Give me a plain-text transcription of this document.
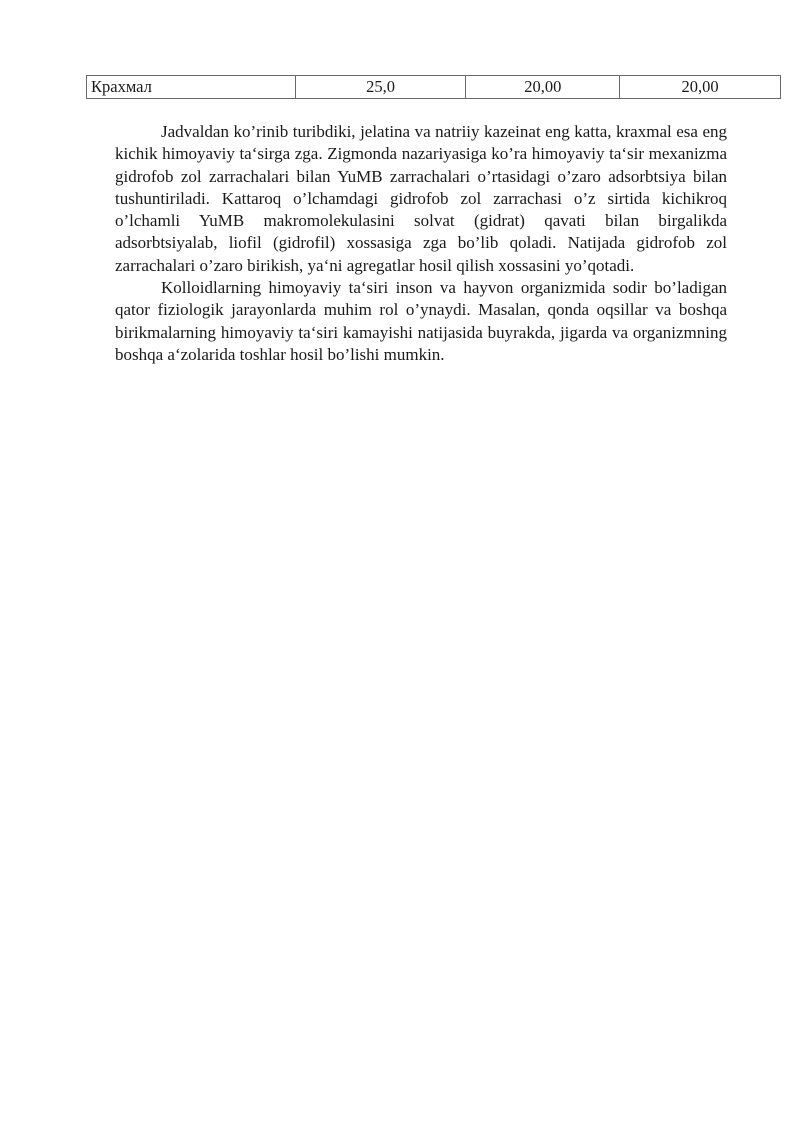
Крахмал	25,0	20,00	20,00

Jadvaldan ko’rinib turibdiki, jelatina va natriiy kazeinat eng katta, kraxmal esa eng kichik himoyaviy ta‘sirga zga. Zigmonda nazariyasiga ko’ra himoyaviy ta‘sir mexanizma gidrofob zol zarrachalari bilan YuMB zarrachalari o’rtasidagi o’zaro adsorbtsiya bilan tushuntiriladi. Kattaroq o’lchamdagi gidrofob zol zarrachasi o’z sirtida kichikroq o’lchamli YuMB makromolekulasini solvat (gidrat) qavati bilan birgalikda adsorbtsiyalab, liofil (gidrofil) xossasiga zga bo’lib qoladi. Natijada gidrofob zol zarrachalari o’zaro birikish, ya‘ni agregatlar hosil qilish xossasini yo’qotadi.

Kolloidlarning himoyaviy ta‘siri inson va hayvon organizmida sodir bo’ladigan qator fiziologik jarayonlarda muhim rol o’ynaydi. Masalan, qonda oqsillar va boshqa birikmalarning himoyaviy ta‘siri kamayishi natijasida buyrakda, jigarda va organizmning boshqa a‘zolarida toshlar hosil bo’lishi mumkin.
